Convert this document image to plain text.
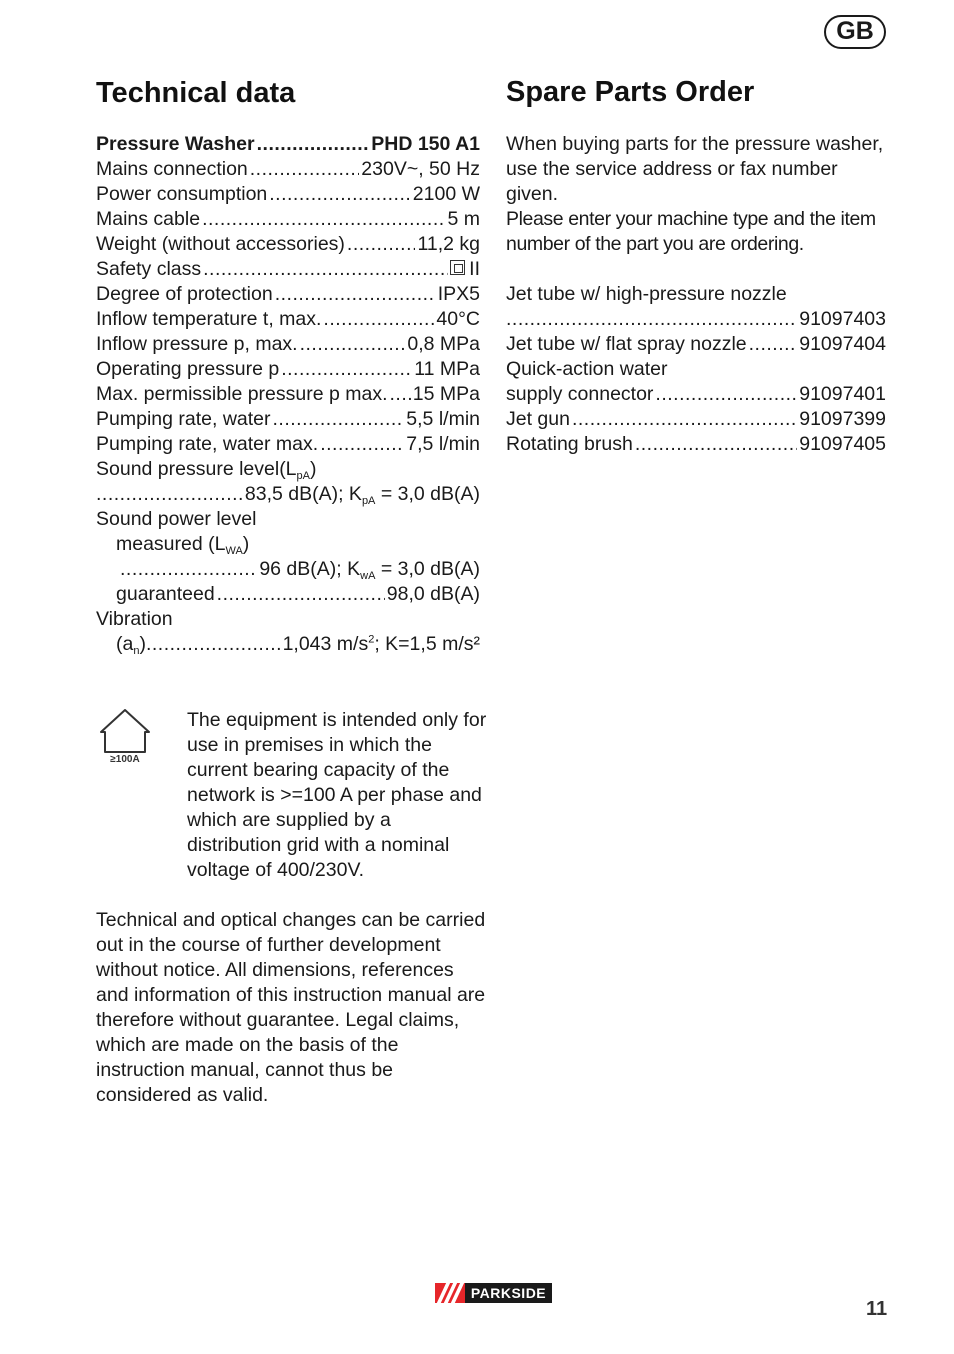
GB
Technical data	Spare Parts Order
Pressure Washer .....	PHD 150 A1
Mains connection .....	230V~, 50 Hz
Power consumption .....	2100 W
Mains cable .....	5 m
Weight (without accessories) .....	11,2 kg
Safety class .....	II
Degree of protection .....	IPX5
Inflow temperature t, max. .....	40°C
Inflow pressure p, max. .....	0,8 MPa
Operating pressure p .....	11 MPa
Max. permissible pressure p max. ..... 15 MPa
Pumping rate, water .....	5,5 l/min
Pumping rate, water max. .....	7,5 l/min
Sound pressure $level(L_{pA})$
.....
83,5 dB(A); $K_{pA} = 3,0$ dB(A)
Sound power level
measured $(L_{WA})$
.....
96 dB(A); $K_{wA} = 3,0$ dB(A)
guaranteed .....	98,0 dB(A)
Vibration
$(a_n)$ .....	1,043 $m/s^2$; K=1,5 m/s²
≥100A

The equipment is intended only for use in premises in which the current bearing capacity of the network is >=100 A per phase and which are supplied by a distribution grid with a nominal voltage of 400/230V.

Technical and optical changes can be carried out in the course of further development without notice. All dimensions, references and information of this instruction manual are therefore without guarantee. Legal claims, which are made on the basis of the instruction manual, cannot thus be considered as valid.

When buying parts for the pressure washer, use the service address or fax number given.

Please enter your machine type and the item number of the part you are ordering.

Jet tube w/ high-pressure nozzle
.....
91097403
Jet tube w/ flat spray nozzle .....	91097404
Quick-action water
supply connector .....	91097401
Jet gun .....	91097399
Rotating brush .....	91097405
PARKSIDE
11
